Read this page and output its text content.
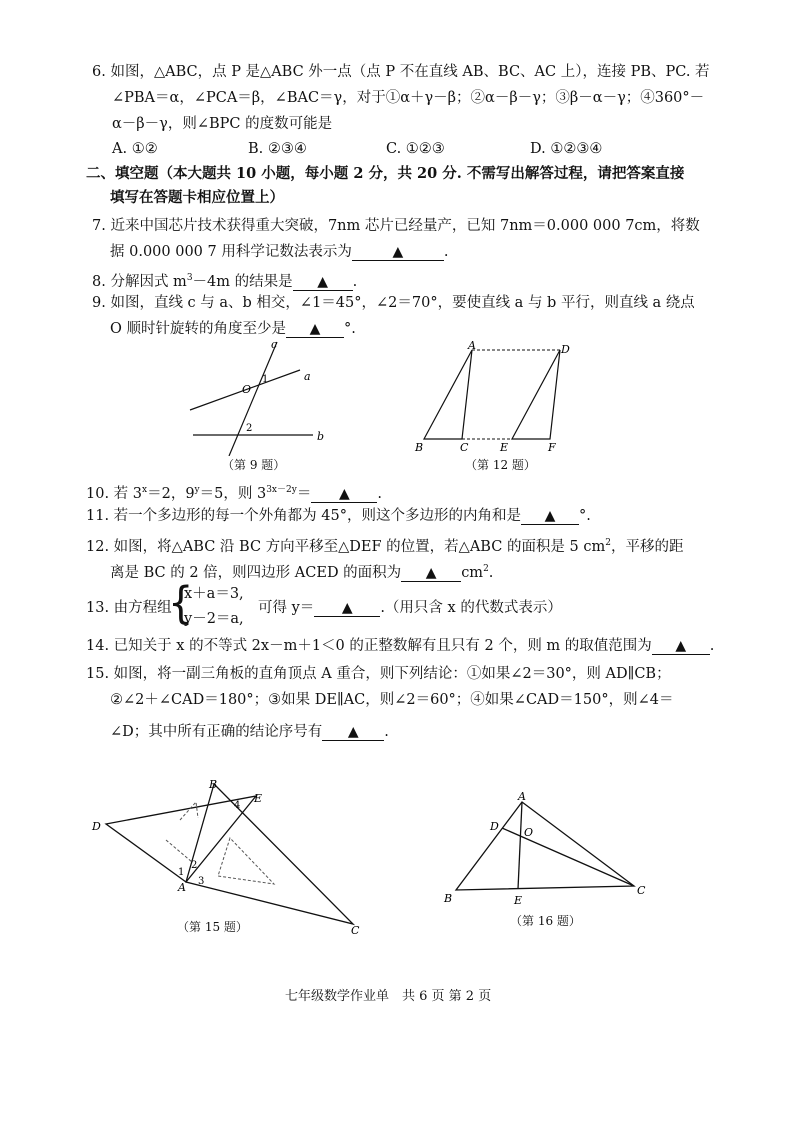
6. 如图，△ABC，点 P 是△ABC 外一点（点 P 不在直线 AB、BC、AC 上），连接 PB、PC. 若
∠PBA＝α，∠PCA＝β，∠BAC＝γ，对于①α＋γ－β；②α－β－γ；③β－α－γ；④360°－
α－β－γ，则∠BPC 的度数可能是
A. ①②	B. ②③④	C. ①②③	D. ①②③④
二、填空题（本大题共 10 小题，每小题 2 分，共 20 分. 不需写出解答过程，请把答案直接
填写在答题卡相应位置上）
7. 近来中国芯片技术获得重大突破，7nm 芯片已经量产，已知 7nm＝0.000 000 7cm，将数
据 0.000 000 7 用科学记数法表示为	▲	.
8. 分解因式 $m^3-4m$ 的结果是 ▲ .
9. 如图，直线 c 与 a、b 相交，∠1＝45°，∠2＝70°，要使直线 a 与 b 平行，则直线 a 绕点
O 顺时针旋转的角度至少是 ▲ °.
c
a
b
O
1
2
（第 9 题）
A	D
B	C	E	F
（第 12 题）
10. 若 $3^x=2$，$9^y=5$，则 $3^{3x-2y}=$ ▲ .
11. 若一个多边形的每一个外角都为 45°，则这个多边形的内角和是 ▲ °.
12. 如图，将△ABC 沿 BC 方向平移至△DEF 的位置，若△ABC 的面积是 5 $cm^2$，平移的距
离是 BC 的 2 倍，则四边形 ACED 的面积为 ▲ $cm^2$.
13. 由方程组
{
x＋a＝3,
y－2＝a,
可得 y＝ ▲ .（用只含 x 的代数式表示）
14. 已知关于 x 的不等式 2x－m＋1＜0 的正整数解有且只有 2 个，则 m 的取值范围为 ▲ .
15. 如图，将一副三角板的直角顶点 A 重合，则下列结论：①如果∠2＝30°，则 AD∥CB；
②∠2＋∠CAD＝180°；③如果 DE∥AC，则∠2＝60°；④如果∠CAD＝150°，则∠4＝
∠D；其中所有正确的结论序号有 ▲ .
B
E
D
A
C
1
2
3
4
（第 15 题）
A
D O
B	E
C
（第 16 题）
七年级数学作业单　共 6 页 第 2 页
